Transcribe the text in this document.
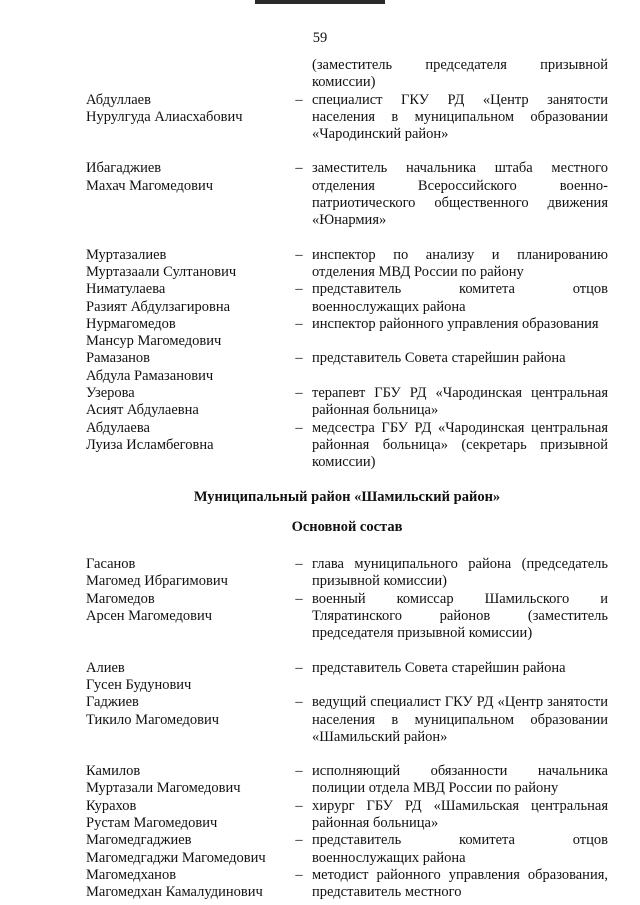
59
(заместитель председателя призывной комиссии)
Абдуллаев
Нурулгуда Алиасхабович
– специалист ГКУ РД «Центр занятости населения в муниципальном образовании «Чародинский район»
Ибагаджиев
Махач Магомедович
– заместитель начальника штаба местного отделения Всероссийского военно-патриотического общественного движения «Юнармия»
Муртазалиев
Муртазаали Султанович
– инспектор по анализу и планированию отделения МВД России по району
Ниматулаева
Разият Абдулзагировна
– представитель комитета отцов военнослужащих района
Нурмагомедов
Мансур Магомедович
– инспектор районного управления образования
Рамазанов
Абдула Рамазанович
– представитель Совета старейшин района
Узерова
Асият Абдулаевна
– терапевт ГБУ РД «Чародинская центральная районная больница»
Абдулаева
Луиза Исламбеговна
– медсестра ГБУ РД «Чародинская центральная районная больница» (секретарь призывной комиссии)
Муниципальный район «Шамильский район»
Основной состав
Гасанов
Магомед Ибрагимович
– глава муниципального района (председатель призывной комиссии)
Магомедов
Арсен Магомедович
– военный комиссар Шамильского и Тляратинского районов (заместитель председателя призывной комиссии)
Алиев
Гусен Будунович
– представитель Совета старейшин района
Гаджиев
Тикило Магомедович
– ведущий специалист ГКУ РД «Центр занятости населения в муниципальном образовании «Шамильский район»
Камилов
Муртазали Магомедович
– исполняющий обязанности начальника полиции отдела МВД России по району
Курахов
Рустам Магомедович
– хирург ГБУ РД «Шамильская центральная районная больница»
Магомедгаджиев
Магомедгаджи Магомедович
– представитель комитета отцов военнослужащих района
Магомедханов
Магомедхан Камалудинович
– методист районного управления образования, представитель местного
